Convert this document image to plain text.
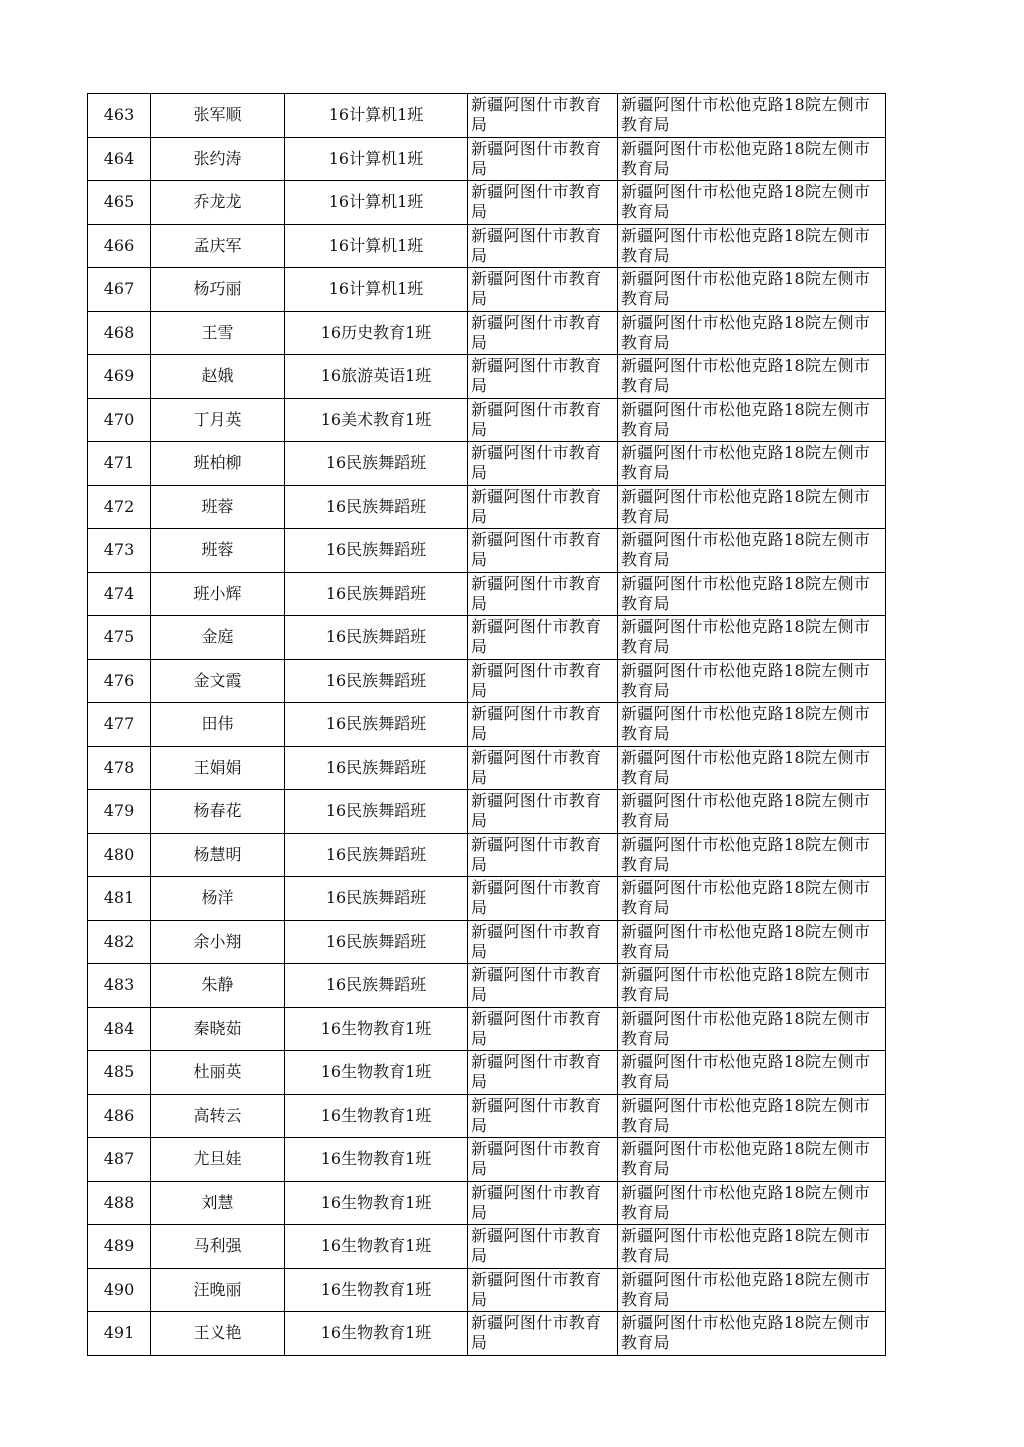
463	张军顺	16计算机1班	新疆阿图什市教育局	新疆阿图什市松他克路18院左侧市教育局
464	张约涛	16计算机1班	新疆阿图什市教育局	新疆阿图什市松他克路18院左侧市教育局
465	乔龙龙	16计算机1班	新疆阿图什市教育局	新疆阿图什市松他克路18院左侧市教育局
466	孟庆军	16计算机1班	新疆阿图什市教育局	新疆阿图什市松他克路18院左侧市教育局
467	杨巧丽	16计算机1班	新疆阿图什市教育局	新疆阿图什市松他克路18院左侧市教育局
468	王雪	16历史教育1班	新疆阿图什市教育局	新疆阿图什市松他克路18院左侧市教育局
469	赵娥	16旅游英语1班	新疆阿图什市教育局	新疆阿图什市松他克路18院左侧市教育局
470	丁月英	16美术教育1班	新疆阿图什市教育局	新疆阿图什市松他克路18院左侧市教育局
471	班柏柳	16民族舞蹈班	新疆阿图什市教育局	新疆阿图什市松他克路18院左侧市教育局
472	班蓉	16民族舞蹈班	新疆阿图什市教育局	新疆阿图什市松他克路18院左侧市教育局
473	班蓉	16民族舞蹈班	新疆阿图什市教育局	新疆阿图什市松他克路18院左侧市教育局
474	班小辉	16民族舞蹈班	新疆阿图什市教育局	新疆阿图什市松他克路18院左侧市教育局
475	金庭	16民族舞蹈班	新疆阿图什市教育局	新疆阿图什市松他克路18院左侧市教育局
476	金文霞	16民族舞蹈班	新疆阿图什市教育局	新疆阿图什市松他克路18院左侧市教育局
477	田伟	16民族舞蹈班	新疆阿图什市教育局	新疆阿图什市松他克路18院左侧市教育局
478	王娟娟	16民族舞蹈班	新疆阿图什市教育局	新疆阿图什市松他克路18院左侧市教育局
479	杨春花	16民族舞蹈班	新疆阿图什市教育局	新疆阿图什市松他克路18院左侧市教育局
480	杨慧明	16民族舞蹈班	新疆阿图什市教育局	新疆阿图什市松他克路18院左侧市教育局
481	杨洋	16民族舞蹈班	新疆阿图什市教育局	新疆阿图什市松他克路18院左侧市教育局
482	余小翔	16民族舞蹈班	新疆阿图什市教育局	新疆阿图什市松他克路18院左侧市教育局
483	朱静	16民族舞蹈班	新疆阿图什市教育局	新疆阿图什市松他克路18院左侧市教育局
484	秦晓茹	16生物教育1班	新疆阿图什市教育局	新疆阿图什市松他克路18院左侧市教育局
485	杜丽英	16生物教育1班	新疆阿图什市教育局	新疆阿图什市松他克路18院左侧市教育局
486	高转云	16生物教育1班	新疆阿图什市教育局	新疆阿图什市松他克路18院左侧市教育局
487	尤旦娃	16生物教育1班	新疆阿图什市教育局	新疆阿图什市松他克路18院左侧市教育局
488	刘慧	16生物教育1班	新疆阿图什市教育局	新疆阿图什市松他克路18院左侧市教育局
489	马利强	16生物教育1班	新疆阿图什市教育局	新疆阿图什市松他克路18院左侧市教育局
490	汪晚丽	16生物教育1班	新疆阿图什市教育局	新疆阿图什市松他克路18院左侧市教育局
491	王义艳	16生物教育1班	新疆阿图什市教育局	新疆阿图什市松他克路18院左侧市教育局
